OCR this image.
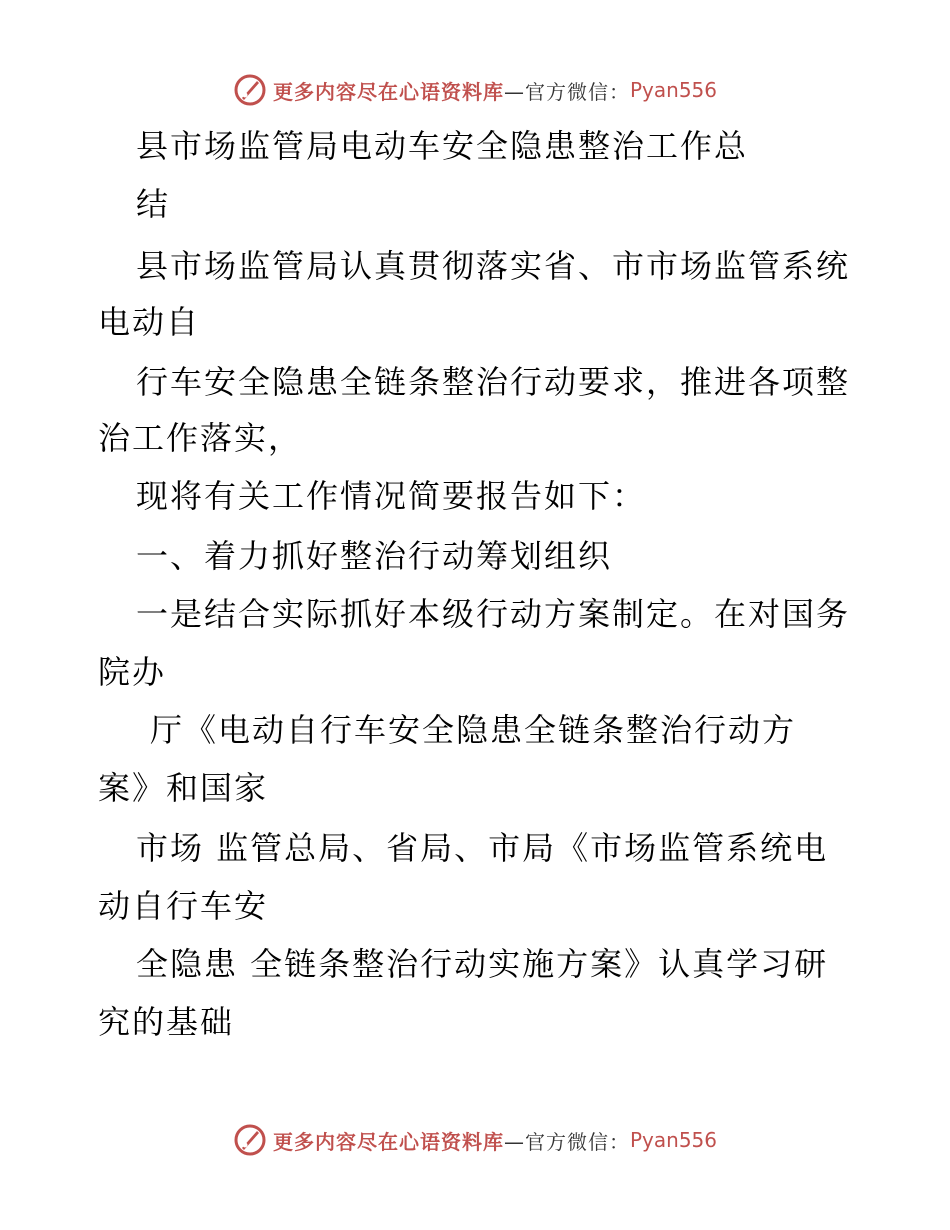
更多内容尽在心语资料库 —官方微信： Pyan556
县市场监管局电动车安全隐患整治工作总
结
县市场监管局认真贯彻落实省、市市场监管系统
电动自
行车安全隐患全链条整治行动要求，推进各项整
治工作落实，
现将有关工作情况简要报告如下：
一、着力抓好整治行动筹划组织
一是结合实际抓好本级行动方案制定。在对国务
院办
厅《电动自行车安全隐患全链条整治行动方
案》和国家
市场 监管总局、省局、市局《市场监管系统电
动自行车安
全隐患 全链条整治行动实施方案》认真学习研
究的基础
更多内容尽在心语资料库 —官方微信： Pyan556
